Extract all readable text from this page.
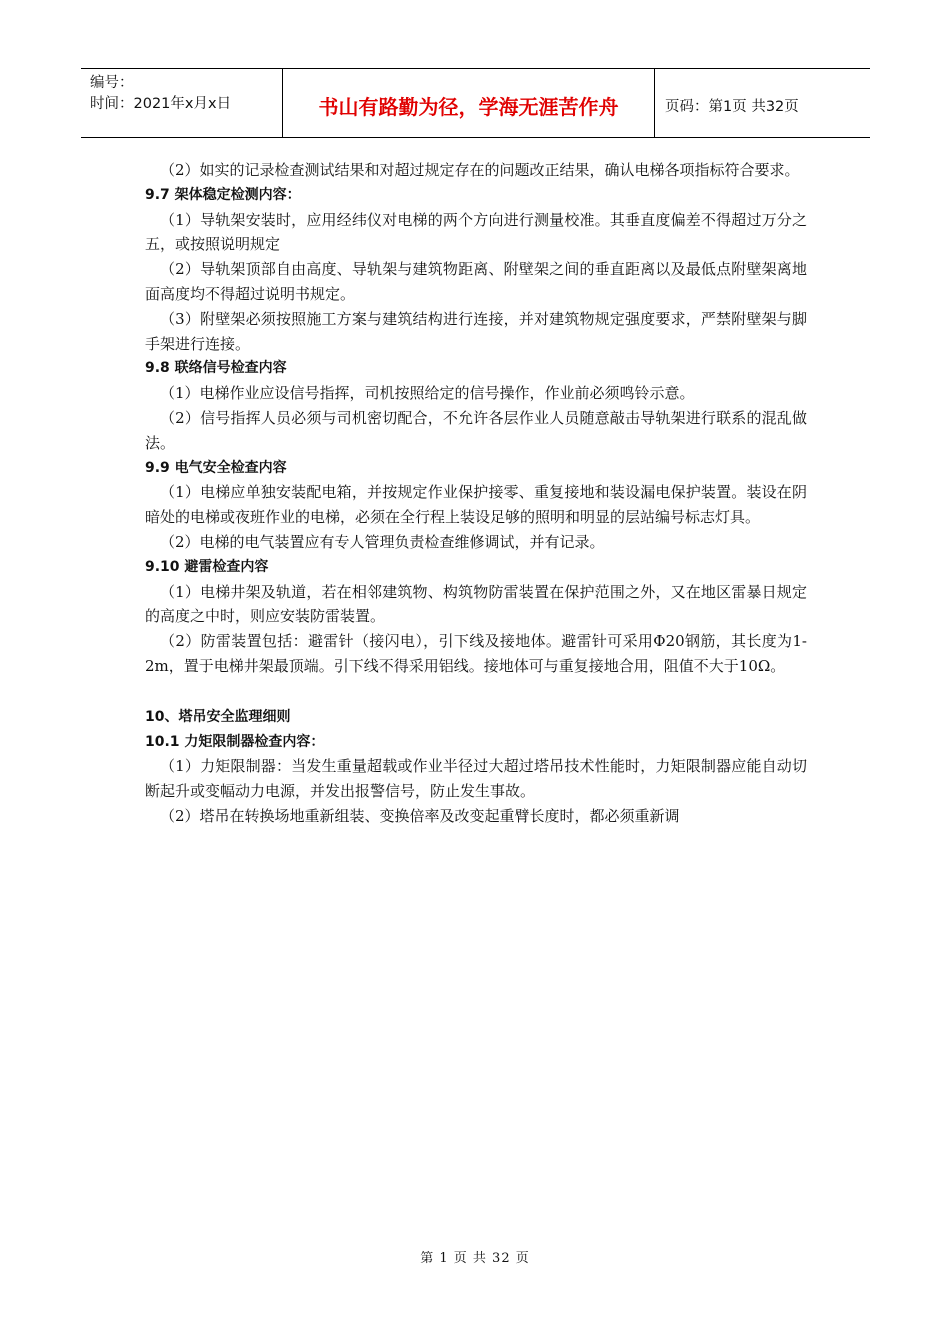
编号：
时间：2021年x月x日	书山有路勤为径，学海无涯苦作舟	页码：第1页 共32页

（2）如实的记录检查测试结果和对超过规定存在的问题改正结果，确认电梯各项指标符合要求。

9.7 架体稳定检测内容：

（1）导轨架安装时，应用经纬仪对电梯的两个方向进行测量校准。其垂直度偏差不得超过万分之五，或按照说明规定

（2）导轨架顶部自由高度、导轨架与建筑物距离、附壁架之间的垂直距离以及最低点附壁架离地面高度均不得超过说明书规定。

（3）附壁架必须按照施工方案与建筑结构进行连接，并对建筑物规定强度要求，严禁附壁架与脚手架进行连接。

9.8 联络信号检查内容

（1）电梯作业应设信号指挥，司机按照给定的信号操作，作业前必须鸣铃示意。

（2）信号指挥人员必须与司机密切配合，不允许各层作业人员随意敲击导轨架进行联系的混乱做法。

9.9 电气安全检查内容

（1）电梯应单独安装配电箱，并按规定作业保护接零、重复接地和装设漏电保护装置。装设在阴暗处的电梯或夜班作业的电梯，必须在全行程上装设足够的照明和明显的层站编号标志灯具。

（2）电梯的电气装置应有专人管理负责检查维修调试，并有记录。

9.10 避雷检查内容

（1）电梯井架及轨道，若在相邻建筑物、构筑物防雷装置在保护范围之外，又在地区雷暴日规定的高度之中时，则应安装防雷装置。

（2）防雷装置包括：避雷针（接闪电），引下线及接地体。避雷针可采用Φ20钢筋，其长度为1-2m，置于电梯井架最顶端。引下线不得采用铝线。接地体可与重复接地合用，阻值不大于10Ω。

10、塔吊安全监理细则

10.1 力矩限制器检查内容：

（1）力矩限制器：当发生重量超载或作业半径过大超过塔吊技术性能时，力矩限制器应能自动切断起升或变幅动力电源，并发出报警信号，防止发生事故。

（2）塔吊在转换场地重新组装、变换倍率及改变起重臂长度时，都必须重新调

第 1 页 共 32 页
